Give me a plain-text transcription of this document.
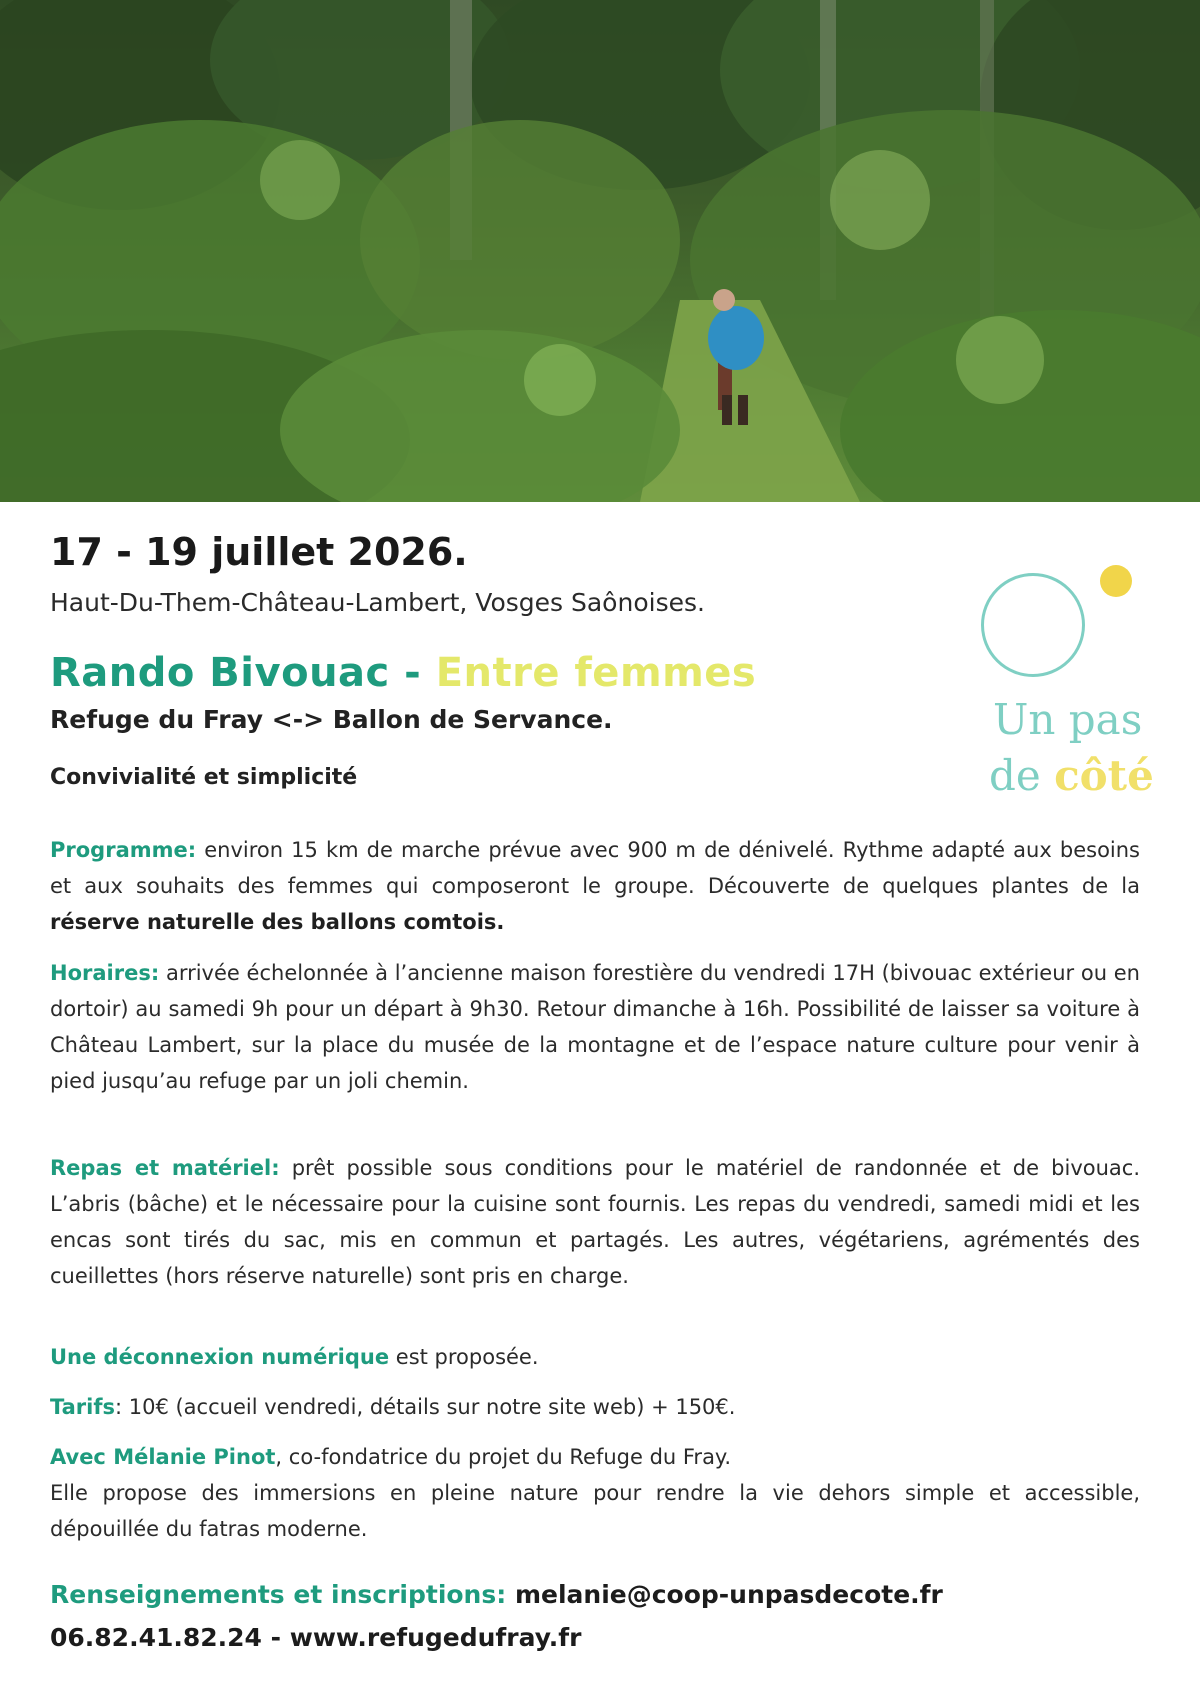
17 - 19 juillet 2026.
Haut-Du-Them-Château-Lambert, Vosges Saônoises.
Rando Bivouac - Entre femmes
Refuge du Fray <-> Ballon de Servance.
Convivialité et simplicité
Un pas
de côté
Programme: environ 15 km de marche prévue avec 900 m de dénivelé. Rythme adapté aux besoins et aux souhaits des femmes qui composeront le groupe. Découverte de quelques plantes de la réserve naturelle des ballons comtois.
Horaires: arrivée échelonnée à l’ancienne maison forestière du vendredi 17H (bivouac extérieur ou en dortoir) au samedi 9h pour un départ à 9h30. Retour dimanche à 16h. Possibilité de laisser sa voiture à Château Lambert, sur la place du musée de la montagne et de l’espace nature culture pour venir à pied jusqu’au refuge par un joli chemin.
Repas et matériel: prêt possible sous conditions pour le matériel de randonnée et de bivouac. L’abris (bâche) et le nécessaire pour la cuisine sont fournis. Les repas du vendredi, samedi midi et les encas sont tirés du sac, mis en commun et partagés. Les autres, végétariens, agrémentés des cueillettes (hors réserve naturelle) sont pris en charge.
Une déconnexion numérique est proposée.
Tarifs: 10€ (accueil vendredi, détails sur notre site web) + 150€.
Avec Mélanie Pinot, co-fondatrice du projet du Refuge du Fray.
Elle propose des immersions en pleine nature pour rendre la vie dehors simple et accessible, dépouillée du fatras moderne.
Renseignements et inscriptions: melanie@coop-unpasdecote.fr
06.82.41.82.24 - www.refugedufray.fr
